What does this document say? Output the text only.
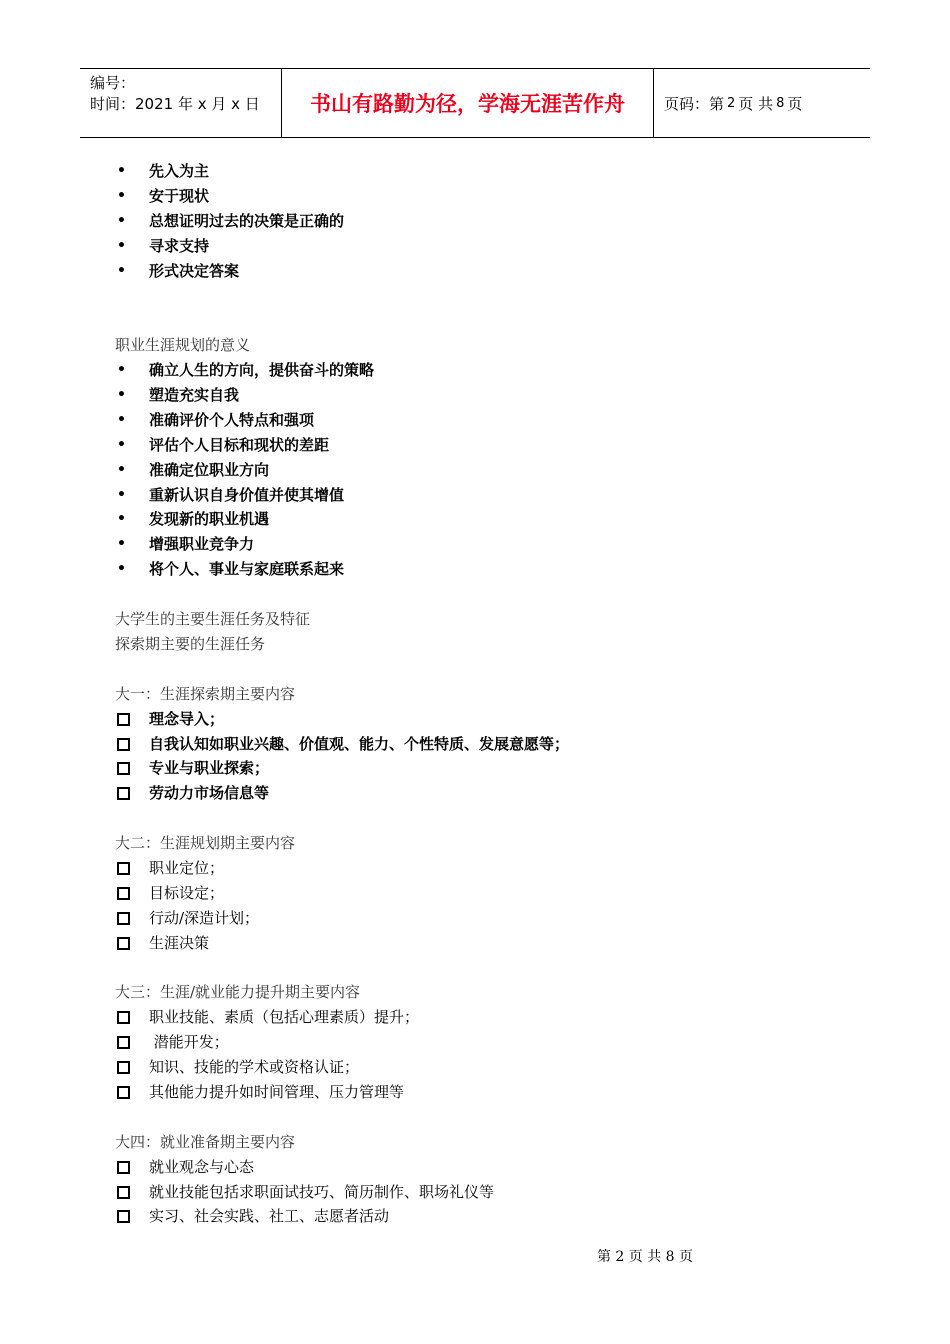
编号：
时间：2021 年 x 月 x 日	书山有路勤为径，学海无涯苦作舟	页码：第 2 页 共 8 页
• 先入为主
• 安于现状
• 总想证明过去的决策是正确的
• 寻求支持
• 形式决定答案
职业生涯规划的意义
• 确立人生的方向，提供奋斗的策略
• 塑造充实自我
• 准确评价个人特点和强项
• 评估个人目标和现状的差距
• 准确定位职业方向
• 重新认识自身价值并使其增值
• 发现新的职业机遇
• 增强职业竞争力
• 将个人、事业与家庭联系起来
大学生的主要生涯任务及特征
探索期主要的生涯任务
大一：生涯探索期主要内容
理念导入；
自我认知如职业兴趣、价值观、能力、个性特质、发展意愿等；
专业与职业探索；
劳动力市场信息等
大二：生涯规划期主要内容
职业定位；
目标设定；
行动/深造计划；
生涯决策
大三：生涯/就业能力提升期主要内容
职业技能、素质（包括心理素质）提升；
潜能开发；
知识、技能的学术或资格认证；
其他能力提升如时间管理、压力管理等
大四：就业准备期主要内容
就业观念与心态
就业技能包括求职面试技巧、简历制作、职场礼仪等
实习、社会实践、社工、志愿者活动
第 2 页 共 8 页
